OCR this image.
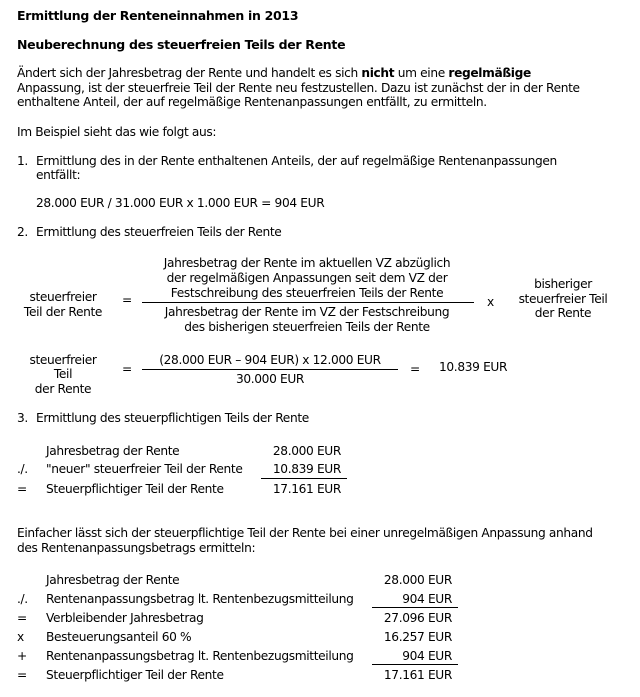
Ermittlung der Renteneinnahmen in 2013
Neuberechnung des steuerfreien Teils der Rente
Ändert sich der Jahresbetrag der Rente und handelt es sich nicht um eine regelmäßige
Anpassung, ist der steuerfreie Teil der Rente neu festzustellen. Dazu ist zunächst der in der Rente
enthaltene Anteil, der auf regelmäßige Rentenanpassungen entfällt, zu ermitteln.
Im Beispiel sieht das wie folgt aus:
1. Ermittlung des in der Rente enthaltenen Anteils, der auf regelmäßige Rentenanpassungen
entfällt:
28.000 EUR / 31.000 EUR x 1.000 EUR = 904 EUR
2. Ermittlung des steuerfreien Teils der Rente
steuerfreier
Teil der Rente
=
Jahresbetrag der Rente im aktuellen VZ abzüglich
der regelmäßigen Anpassungen seit dem VZ der
Festschreibung des steuerfreien Teils der Rente
Jahresbetrag der Rente im VZ der Festschreibung
des bisherigen steuerfreien Teils der Rente
x
bisheriger
steuerfreier Teil
der Rente
steuerfreier
Teil
der Rente
=
(28.000 EUR – 904 EUR) x 12.000 EUR
30.000 EUR
= 10.839 EUR
3. Ermittlung des steuerpflichtigen Teils der Rente
Jahresbetrag der Rente	28.000 EUR
./. "neuer" steuerfreier Teil der Rente	10.839 EUR
= Steuerpflichtiger Teil der Rente	17.161 EUR
Einfacher lässt sich der steuerpflichtige Teil der Rente bei einer unregelmäßigen Anpassung anhand
des Rentenanpassungsbetrags ermitteln:
Jahresbetrag der Rente	28.000 EUR
./. Rentenanpassungsbetrag lt. Rentenbezugsmitteilung	904 EUR
= Verbleibender Jahresbetrag	27.096 EUR
x Besteuerungsanteil 60 %	16.257 EUR
+ Rentenanpassungsbetrag lt. Rentenbezugsmitteilung	904 EUR
= Steuerpflichtiger Teil der Rente	17.161 EUR
